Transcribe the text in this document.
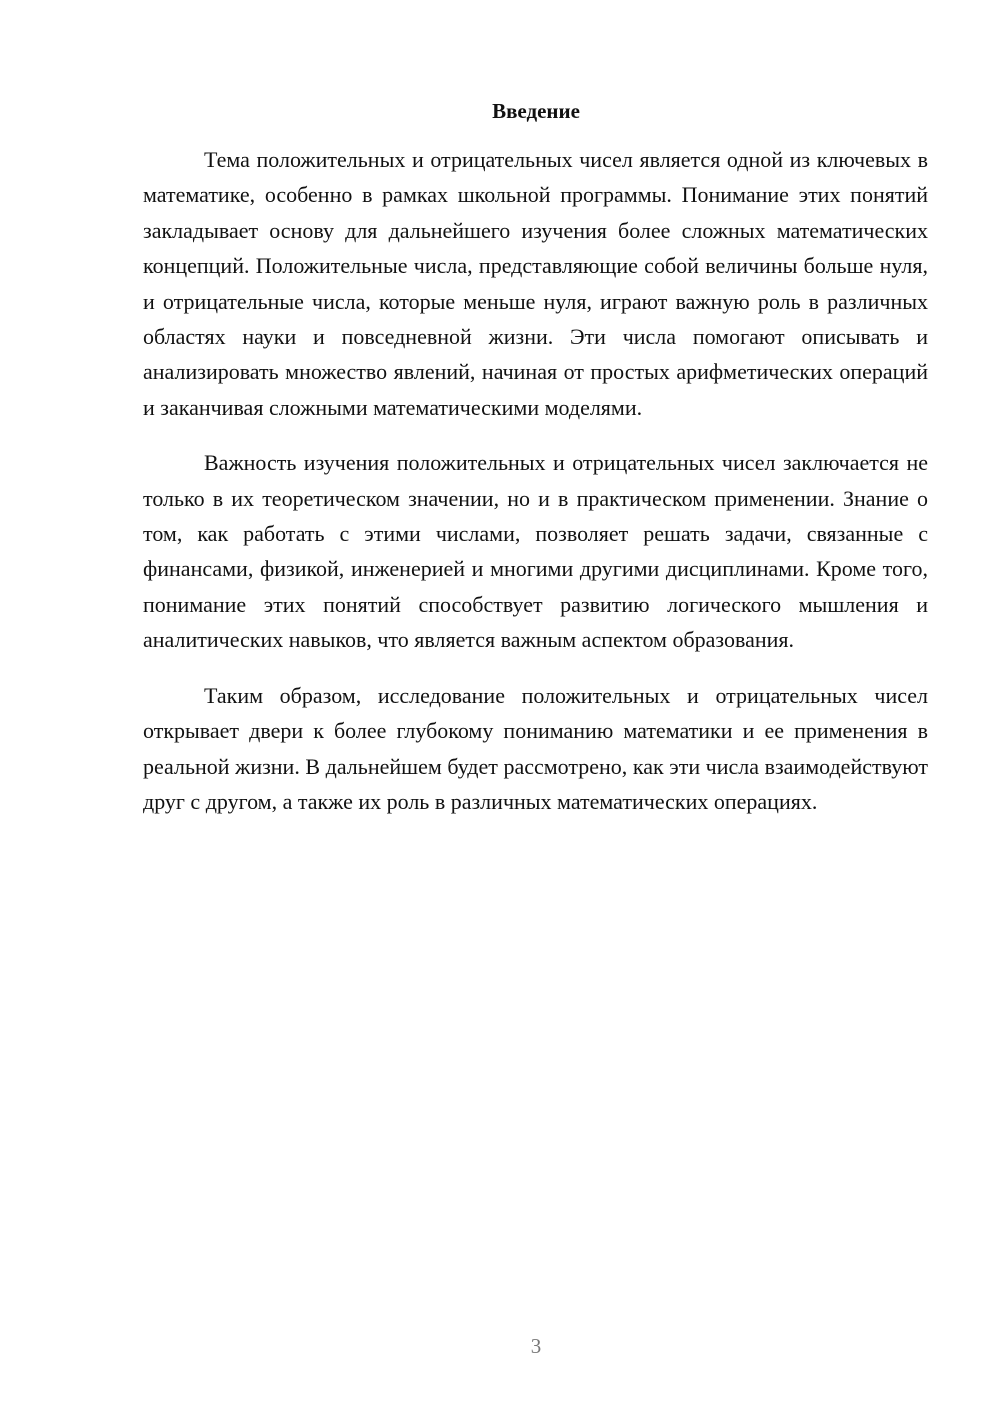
Введение

Тема положительных и отрицательных чисел является одной из ключевых в математике, особенно в рамках школьной программы. Понимание этих понятий закладывает основу для дальнейшего изучения более сложных математических концепций. Положительные числа, представляющие собой величины больше нуля, и отрицательные числа, которые меньше нуля, играют важную роль в различных областях науки и повседневной жизни. Эти числа помогают описывать и анализировать множество явлений, начиная от простых арифметических операций и заканчивая сложными математическими моделями.

Важность изучения положительных и отрицательных чисел заключается не только в их теоретическом значении, но и в практическом применении. Знание о том, как работать с этими числами, позволяет решать задачи, связанные с финансами, физикой, инженерией и многими другими дисциплинами. Кроме того, понимание этих понятий способствует развитию логического мышления и аналитических навыков, что является важным аспектом образования.

Таким образом, исследование положительных и отрицательных чисел открывает двери к более глубокому пониманию математики и ее применения в реальной жизни. В дальнейшем будет рассмотрено, как эти числа взаимодействуют друг с другом, а также их роль в различных математических операциях.

3
